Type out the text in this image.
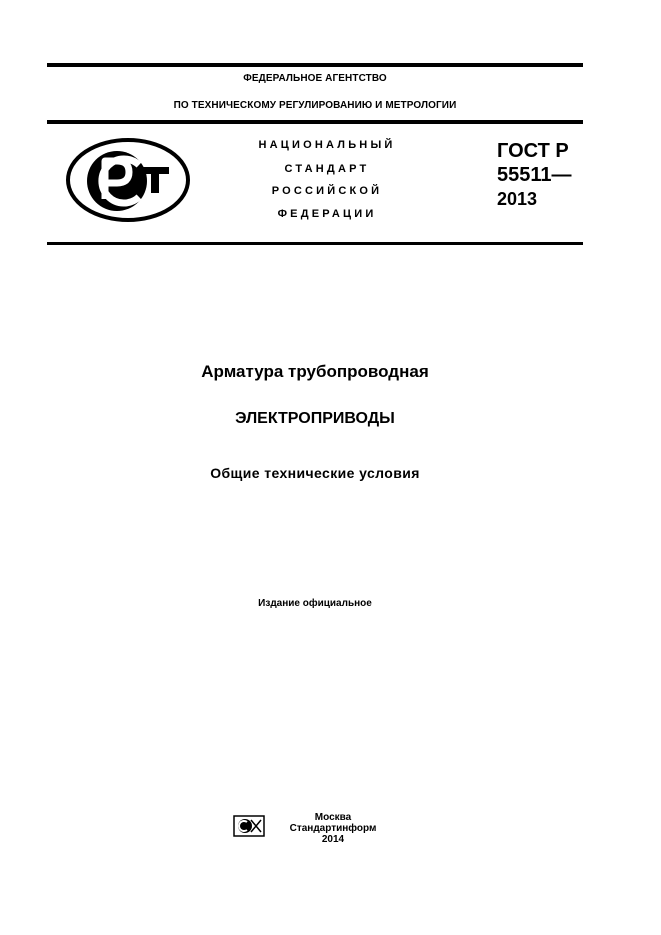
ФЕДЕРАЛЬНОЕ АГЕНТСТВО
ПО ТЕХНИЧЕСКОМУ РЕГУЛИРОВАНИЮ И МЕТРОЛОГИИ
НАЦИОНАЛЬНЫЙ
СТАНДАРТ
РОССИЙСКОЙ
ФЕДЕРАЦИИ
ГОСТ Р
55511—
2013
Арматура трубопроводная
ЭЛЕКТРОПРИВОДЫ
Общие технические условия
Издание официальное
Москва
Стандартинформ
2014
